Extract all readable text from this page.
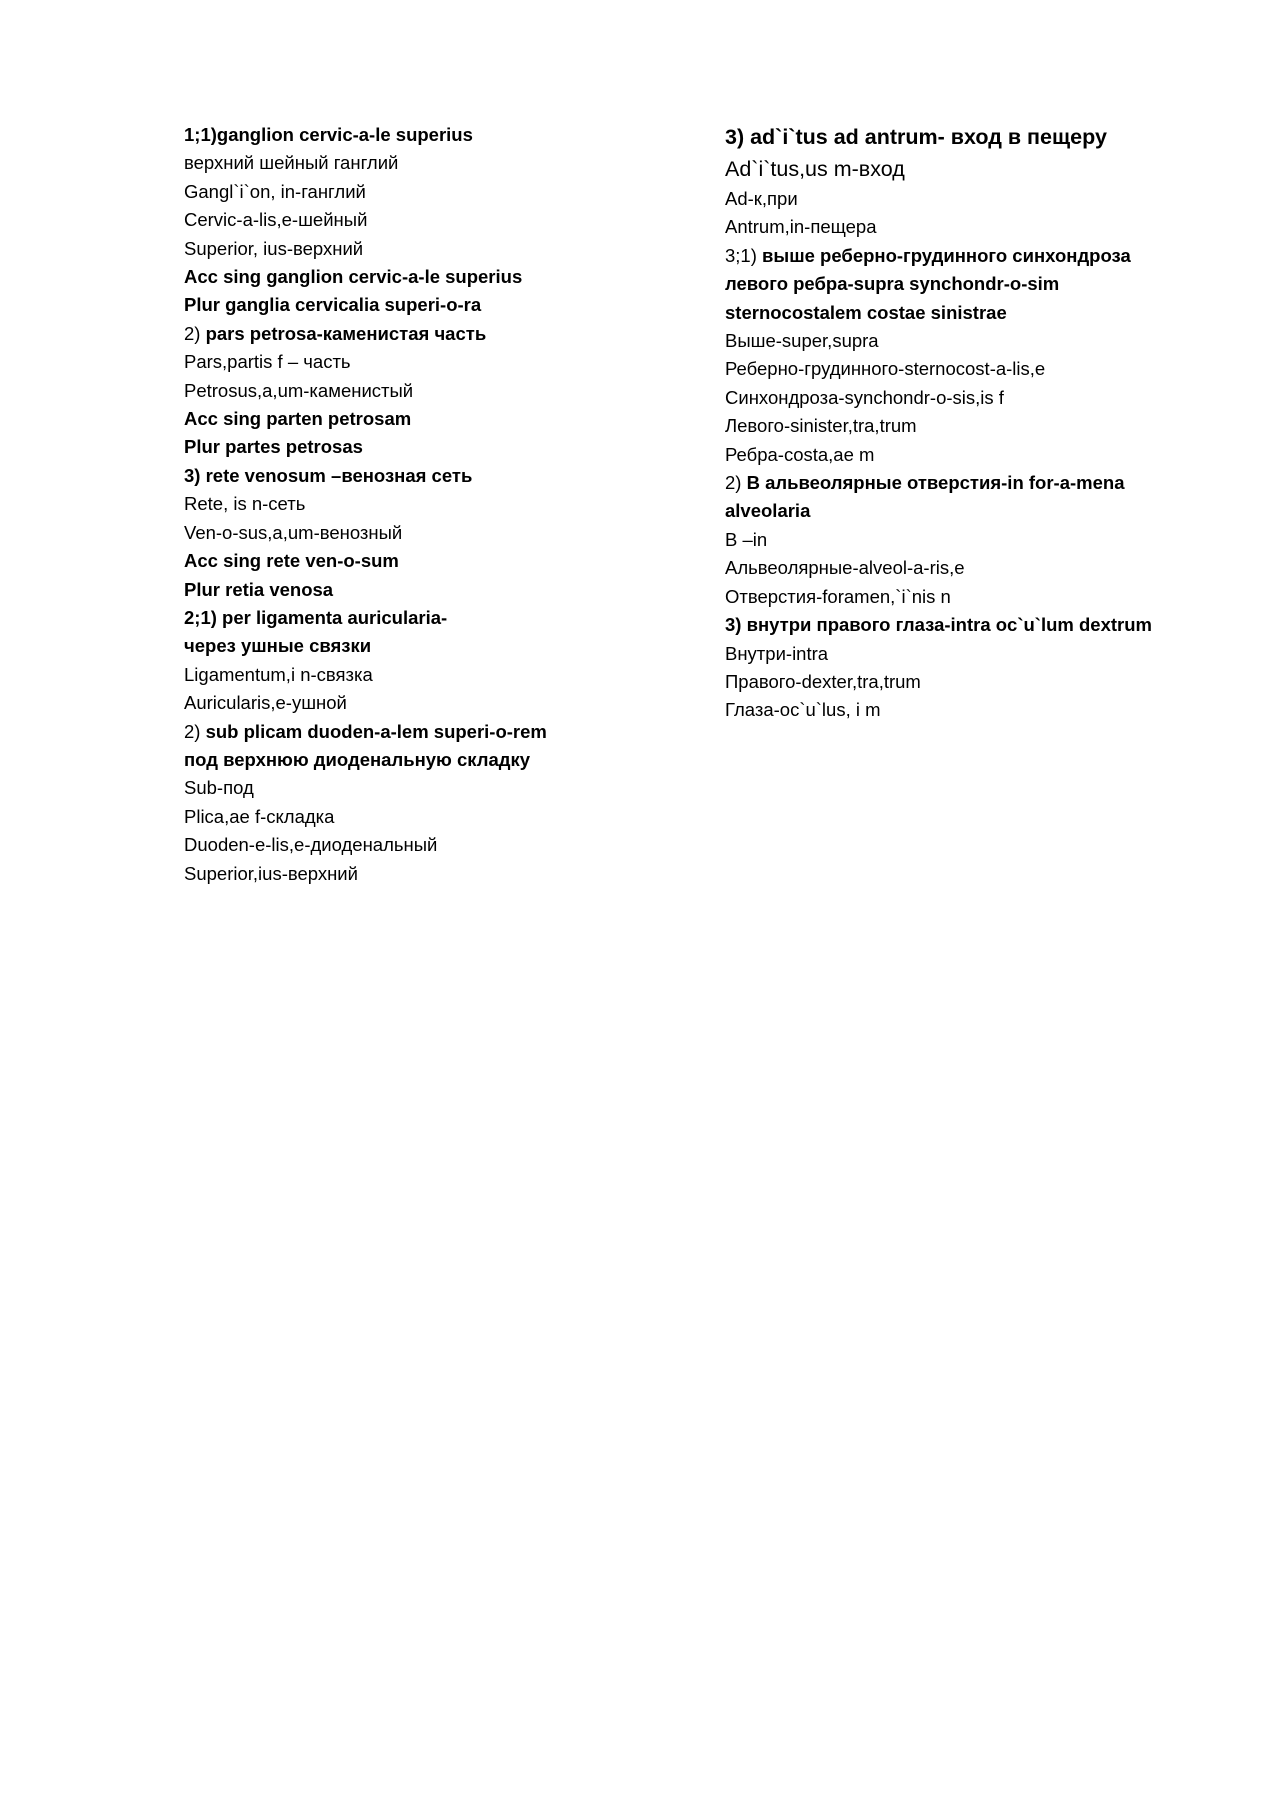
1;1)ganglion cervic-a-le superius
верхний шейный ганглий
Gangl`i`on, in-ганглий
Cervic-a-lis,e-шейный
Superior, ius-верхний
Acc sing ganglion cervic-a-le superius
Plur ganglia cervicalia superi-o-ra
2) pars petrosa-каменистая часть
Pars,partis f – часть
Petrosus,a,um-каменистый
Acc sing parten petrosam
Plur partes petrosas
3) rete venosum –венозная сеть
Rete, is n-сеть
Ven-o-sus,a,um-венозный
Acc sing rete ven-o-sum
Plur retia venosa
2;1) per ligamenta auricularia-
через ушные связки
Ligamentum,i n-связка
Auricularis,e-ушной
2) sub plicam duoden-a-lem superi-o-rem
под верхнюю диоденальную складку
Sub-под
Plica,ae f-складка
Duoden-e-lis,e-диоденальный
Superior,ius-верхний
3) ad`i`tus ad antrum- вход в пещеру
Ad`i`tus,us m-вход
Ad-к,при
Antrum,in-пещера
3;1) выше реберно-грудинного синхондроза
левого ребра-supra synchondr-o-sim
sternocostalem costae sinistrae
Выше-super,supra
Реберно-грудинного-sternocost-a-lis,e
Синхондроза-synchondr-o-sis,is f
Левого-sinister,tra,trum
Ребра-costa,ae m
2) В альвеолярные отверстия-in for-a-mena
alveolaria
В –in
Альвеолярные-alveol-a-ris,e
Отверстия-foramen,`i`nis n
3) внутри правого глаза-intra oc`u`lum dextrum
Внутри-intra
Правого-dexter,tra,trum
Глаза-oc`u`lus, i m
